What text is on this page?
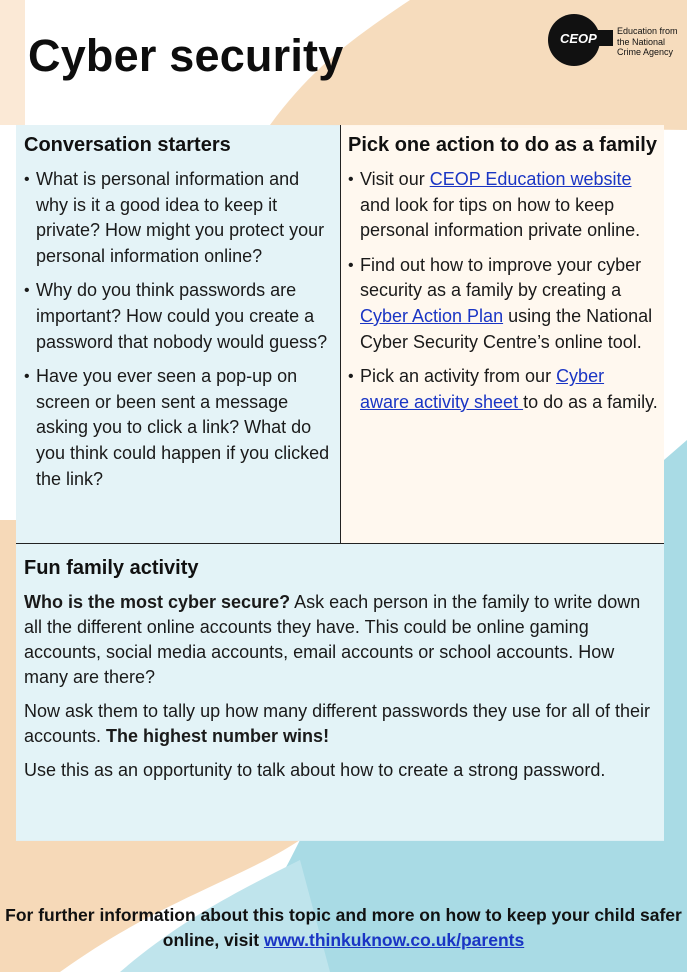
Cyber security	CEOP Education from
the National
Crime Agency
Conversation starters
• What is personal information and why is it a good idea to keep it private? How might you protect your personal information online?
• Why do you think passwords are important? How could you create a password that nobody would guess?
• Have you ever seen a pop-up on screen or been sent a message asking you to click a link? What do you think could happen if you clicked the link?
Pick one action to do as a family
• Visit our CEOP Education website and look for tips on how to keep personal information private online.
• Find out how to improve your cyber security as a family by creating a Cyber Action Plan using the National Cyber Security Centre’s online tool.
• Pick an activity from our Cyber aware activity sheet to do as a family.
Fun family activity

Who is the most cyber secure? Ask each person in the family to write down all the different online accounts they have. This could be online gaming accounts, social media accounts, email accounts or school accounts. How many are there?

Now ask them to tally up how many different passwords they use for all of their accounts. The highest number wins!

Use this as an opportunity to talk about how to create a strong password.

For further information about this topic and more on how to keep your child safer online, visit www.thinkuknow.co.uk/parents
